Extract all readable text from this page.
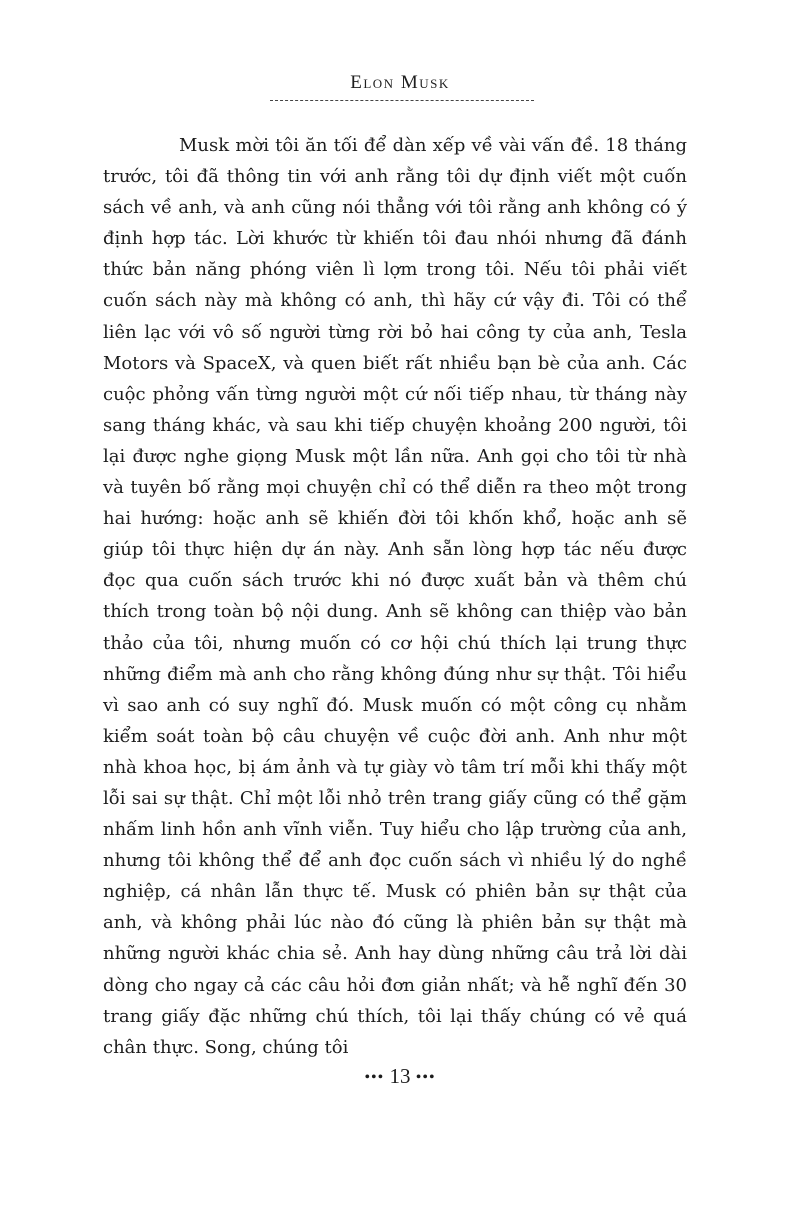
Elon Musk

Musk mời tôi ăn tối để dàn xếp về vài vấn đề. 18 tháng trước, tôi đã thông tin với anh rằng tôi dự định viết một cuốn sách về anh, và anh cũng nói thẳng với tôi rằng anh không có ý định hợp tác. Lời khước từ khiến tôi đau nhói nhưng đã đánh thức bản năng phóng viên lì lợm trong tôi. Nếu tôi phải viết cuốn sách này mà không có anh, thì hãy cứ vậy đi. Tôi có thể liên lạc với vô số người từng rời bỏ hai công ty của anh, Tesla Motors và SpaceX, và quen biết rất nhiều bạn bè của anh. Các cuộc phỏng vấn từng người một cứ nối tiếp nhau, từ tháng này sang tháng khác, và sau khi tiếp chuyện khoảng 200 người, tôi lại được nghe giọng Musk một lần nữa. Anh gọi cho tôi từ nhà và tuyên bố rằng mọi chuyện chỉ có thể diễn ra theo một trong hai hướng: hoặc anh sẽ khiến đời tôi khốn khổ, hoặc anh sẽ giúp tôi thực hiện dự án này. Anh sẵn lòng hợp tác nếu được đọc qua cuốn sách trước khi nó được xuất bản và thêm chú thích trong toàn bộ nội dung. Anh sẽ không can thiệp vào bản thảo của tôi, nhưng muốn có cơ hội chú thích lại trung thực những điểm mà anh cho rằng không đúng như sự thật. Tôi hiểu vì sao anh có suy nghĩ đó. Musk muốn có một công cụ nhằm kiểm soát toàn bộ câu chuyện về cuộc đời anh. Anh như một nhà khoa học, bị ám ảnh và tự giày vò tâm trí mỗi khi thấy một lỗi sai sự thật. Chỉ một lỗi nhỏ trên trang giấy cũng có thể gặm nhấm linh hồn anh vĩnh viễn. Tuy hiểu cho lập trường của anh, nhưng tôi không thể để anh đọc cuốn sách vì nhiều lý do nghề nghiệp, cá nhân lẫn thực tế. Musk có phiên bản sự thật của anh, và không phải lúc nào đó cũng là phiên bản sự thật mà những người khác chia sẻ. Anh hay dùng những câu trả lời dài dòng cho ngay cả các câu hỏi đơn giản nhất; và hễ nghĩ đến 30 trang giấy đặc những chú thích, tôi lại thấy chúng có vẻ quá chân thực. Song, chúng tôi

••• 13 •••
